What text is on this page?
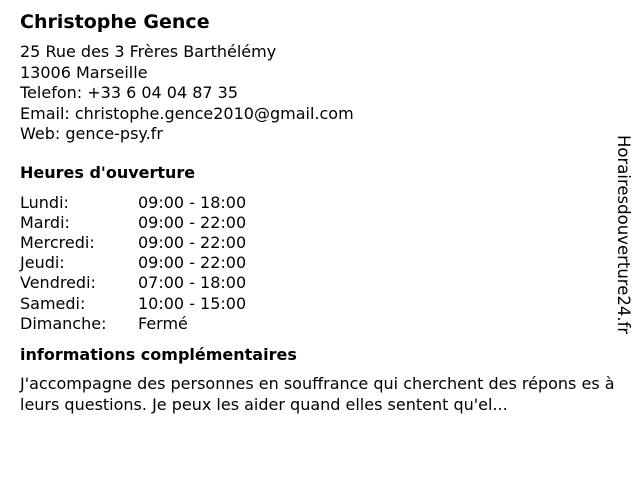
Christophe Gence
25 Rue des 3 Frères Barthélémy
13006 Marseille
Telefon: +33 6 04 04 87 35
Email: christophe.gence2010@gmail.com
Web: gence-psy.fr
Heures d'ouverture
Lundi:	09:00 - 18:00
Mardi:	09:00 - 22:00
Mercredi:	09:00 - 22:00
Jeudi:	09:00 - 22:00
Vendredi:	07:00 - 18:00
Samedi:	10:00 - 15:00
Dimanche:	Fermé
informations complémentaires
J'accompagne des personnes en souffrance qui cherchent des répons es à leurs questions. Je peux les aider quand elles sentent qu'el...
Horairesdouverture24.fr
